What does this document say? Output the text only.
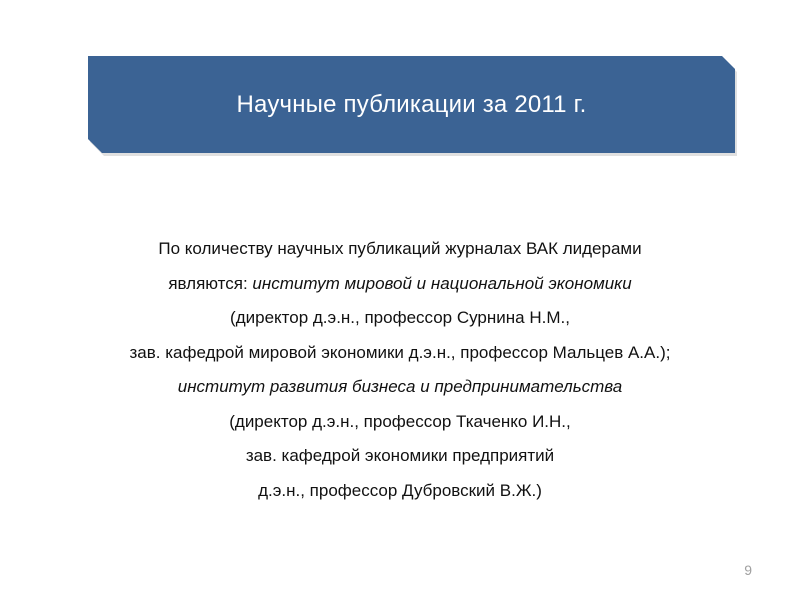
Научные публикации за 2011 г.
По количеству научных публикаций журналах ВАК лидерами
являются: институт мировой и национальной экономики
(директор д.э.н., профессор Сурнина Н.М.,
зав. кафедрой мировой экономики д.э.н., профессор Мальцев А.А.);
институт развития бизнеса и предпринимательства
(директор д.э.н., профессор Ткаченко И.Н.,
зав. кафедрой экономики предприятий
д.э.н., профессор Дубровский В.Ж.)
9
